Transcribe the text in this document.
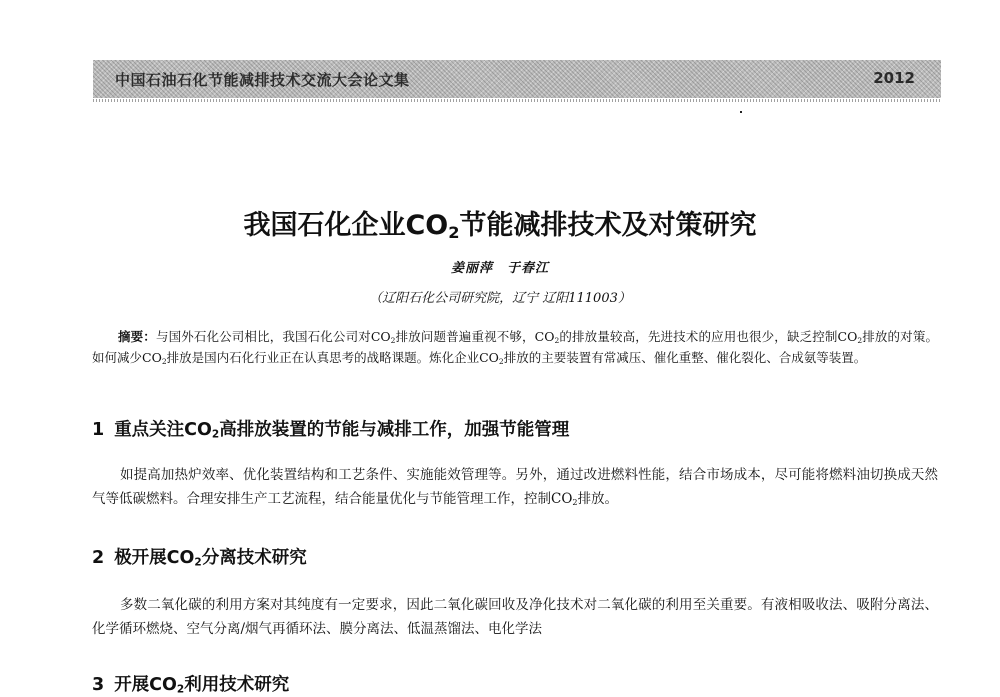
中国石油石化节能减排技术交流大会论文集	2012
我国石化企业$CO_2$节能减排技术及对策研究
姜丽萍　于春江
（辽阳石化公司研究院，辽宁 辽阳111003）

摘要：与国外石化公司相比，我国石化公司对$CO_2$排放问题普遍重视不够，$CO_2$的排放量较高，先进技术的应用也很少，缺乏控制$CO_2$排放的对策。如何减少$CO_2$排放是国内石化行业正在认真思考的战略课题。炼化企业$CO_2$排放的主要装置有常减压、催化重整、催化裂化、合成氨等装置。

1 重点关注$CO_2$高排放装置的节能与减排工作，加强节能管理

如提高加热炉效率、优化装置结构和工艺条件、实施能效管理等。另外，通过改进燃料性能，结合市场成本，尽可能将燃料油切换成天然气等低碳燃料。合理安排生产工艺流程，结合能量优化与节能管理工作，控制$CO_2$排放。

2 极开展$CO_2$分离技术研究

多数二氧化碳的利用方案对其纯度有一定要求，因此二氧化碳回收及净化技术对二氧化碳的利用至关重要。有液相吸收法、吸附分离法、化学循环燃烧、空气分离/烟气再循环法、膜分离法、低温蒸馏法、电化学法

3 开展$CO_2$利用技术研究
